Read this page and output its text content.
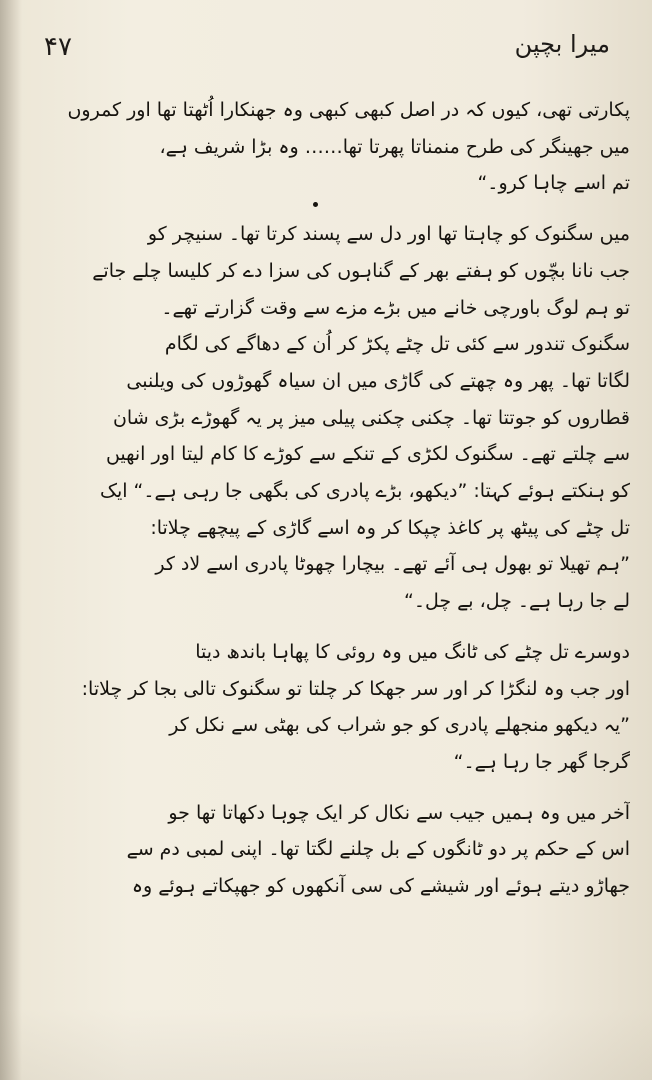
۴۷	میرا بچپن
پکارتی تھی، کیوں کہ در اصل کبھی کبھی وہ جھنکارا اُٹھتا تھا اور کمروں
میں جھینگر کی طرح منمناتا پھرتا تھا…… وہ بڑا شریف ہے،
تم اسے چاہا کرو۔“
میں سگنوک کو چاہتا تھا اور دل سے پسند کرتا تھا۔ سنیچر کو
جب نانا بچّوں کو ہفتے بھر کے گناہوں کی سزا دے کر کلیسا چلے جاتے
تو ہم لوگ باورچی خانے میں بڑے مزے سے وقت گزارتے تھے۔
سگنوک تندور سے کئی تل چٹے پکڑ کر اُن کے دھاگے کی لگام
لگاتا تھا۔ پھر وہ چھتے کی گاڑی میں ان سیاہ گھوڑوں کی ویلنبی
قطاروں کو جوتتا تھا۔ چکنی چکنی پیلی میز پر یہ گھوڑے بڑی شان
سے چلتے تھے۔ سگنوک لکڑی کے تنکے سے کوڑے کا کام لیتا اور انھیں
کو ہنکتے ہوئے کہتا: ”دیکھو، بڑے پادری کی بگھی جا رہی ہے۔“ ایک
تل چٹے کی پیٹھ پر کاغذ چپکا کر وہ اسے گاڑی کے پیچھے چلاتا:
”ہم تھیلا تو بھول ہی آئے تھے۔ بیچارا چھوٹا پادری اسے لاد کر
لے جا رہا ہے۔ چل، بے چل۔“
دوسرے تل چٹے کی ٹانگ میں وہ روئی کا پھاہا باندھ دیتا
اور جب وہ لنگڑا کر اور سر جھکا کر چلتا تو سگنوک تالی بجا کر چلاتا:
”یہ دیکھو منجھلے پادری کو جو شراب کی بھٹی سے نکل کر
گرجا گھر جا رہا ہے۔“
آخر میں وہ ہمیں جیب سے نکال کر ایک چوہا دکھاتا تھا جو
اس کے حکم پر دو ٹانگوں کے بل چلنے لگتا تھا۔ اپنی لمبی دم سے
جھاڑو دیتے ہوئے اور شیشے کی سی آنکھوں کو جھپکاتے ہوئے وہ
